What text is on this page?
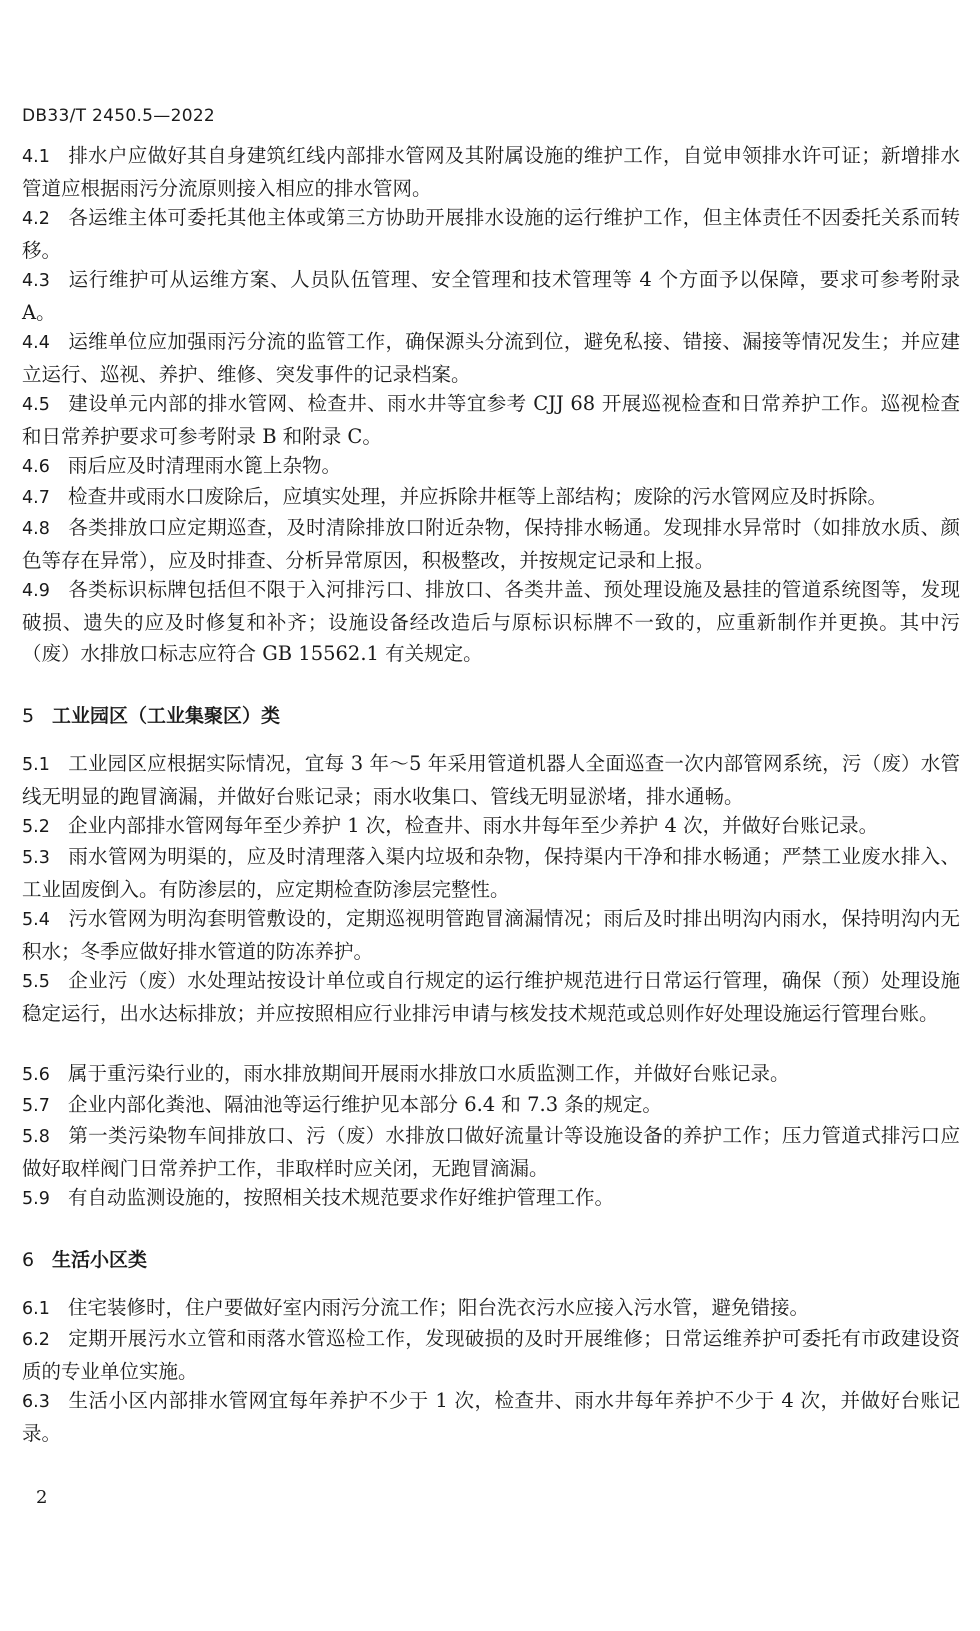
DB33/T 2450.5—2022
4.1 排水户应做好其自身建筑红线内部排水管网及其附属设施的维护工作，自觉申领排水许可证；新增排水管道应根据雨污分流原则接入相应的排水管网。
4.2 各运维主体可委托其他主体或第三方协助开展排水设施的运行维护工作，但主体责任不因委托关系而转移。
4.3 运行维护可从运维方案、人员队伍管理、安全管理和技术管理等 4 个方面予以保障，要求可参考附录 A。
4.4 运维单位应加强雨污分流的监管工作，确保源头分流到位，避免私接、错接、漏接等情况发生；并应建立运行、巡视、养护、维修、突发事件的记录档案。
4.5 建设单元内部的排水管网、检查井、雨水井等宜参考 CJJ 68 开展巡视检查和日常养护工作。巡视检查和日常养护要求可参考附录 B 和附录 C。
4.6 雨后应及时清理雨水篦上杂物。
4.7 检查井或雨水口废除后，应填实处理，并应拆除井框等上部结构；废除的污水管网应及时拆除。
4.8 各类排放口应定期巡查，及时清除排放口附近杂物，保持排水畅通。发现排水异常时（如排放水质、颜色等存在异常），应及时排查、分析异常原因，积极整改，并按规定记录和上报。
4.9 各类标识标牌包括但不限于入河排污口、排放口、各类井盖、预处理设施及悬挂的管道系统图等，发现破损、遗失的应及时修复和补齐；设施设备经改造后与原标识标牌不一致的，应重新制作并更换。其中污（废）水排放口标志应符合 GB 15562.1 有关规定。
5 工业园区（工业集聚区）类
5.1 工业园区应根据实际情况，宜每 3 年～5 年采用管道机器人全面巡查一次内部管网系统，污（废）水管线无明显的跑冒滴漏，并做好台账记录；雨水收集口、管线无明显淤堵，排水通畅。
5.2 企业内部排水管网每年至少养护 1 次，检查井、雨水井每年至少养护 4 次，并做好台账记录。
5.3 雨水管网为明渠的，应及时清理落入渠内垃圾和杂物，保持渠内干净和排水畅通；严禁工业废水排入、工业固废倒入。有防渗层的，应定期检查防渗层完整性。
5.4 污水管网为明沟套明管敷设的，定期巡视明管跑冒滴漏情况；雨后及时排出明沟内雨水，保持明沟内无积水；冬季应做好排水管道的防冻养护。
5.5 企业污（废）水处理站按设计单位或自行规定的运行维护规范进行日常运行管理，确保（预）处理设施稳定运行，出水达标排放；并应按照相应行业排污申请与核发技术规范或总则作好处理设施运行管理台账。
5.6 属于重污染行业的，雨水排放期间开展雨水排放口水质监测工作，并做好台账记录。
5.7 企业内部化粪池、隔油池等运行维护见本部分 6.4 和 7.3 条的规定。
5.8 第一类污染物车间排放口、污（废）水排放口做好流量计等设施设备的养护工作；压力管道式排污口应做好取样阀门日常养护工作，非取样时应关闭，无跑冒滴漏。
5.9 有自动监测设施的，按照相关技术规范要求作好维护管理工作。
6 生活小区类
6.1 住宅装修时，住户要做好室内雨污分流工作；阳台洗衣污水应接入污水管，避免错接。
6.2 定期开展污水立管和雨落水管巡检工作，发现破损的及时开展维修；日常运维养护可委托有市政建设资质的专业单位实施。
6.3 生活小区内部排水管网宜每年养护不少于 1 次，检查井、雨水井每年养护不少于 4 次，并做好台账记录。
2
